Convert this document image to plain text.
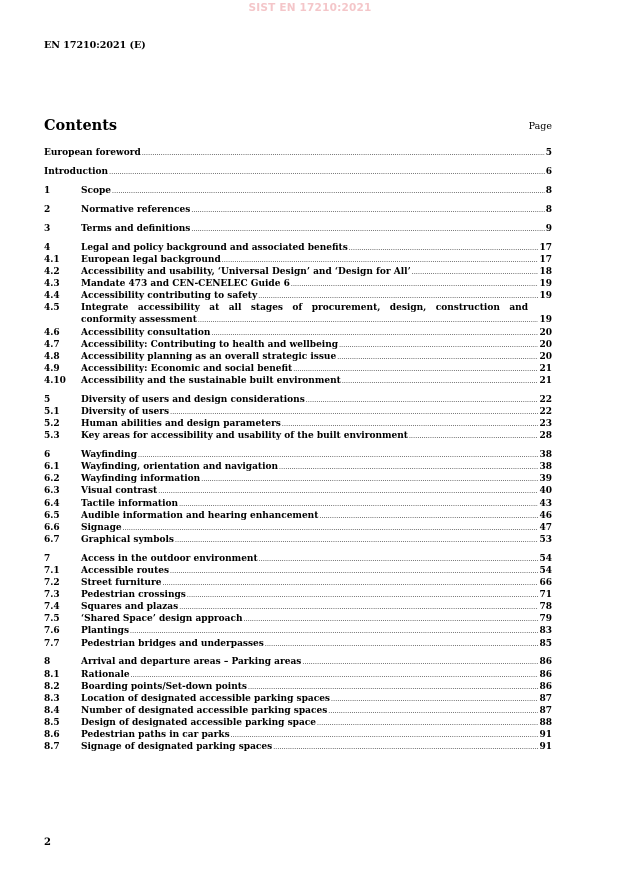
SIST EN 17210:2021
EN 17210:2021 (E)
Contents	Page
European foreword .....	5
Introduction .....	6
1	Scope .....	8
2	Normative references .....	8
3	Terms and definitions .....	9
4	Legal and policy background and associated benefits .....	17
4.1 European legal background .....	17
4.2 Accessibility and usability, ‘Universal Design’ and ‘Design for All’ .....	18
4.3 Mandate 473 and CEN-CENELEC Guide 6 .....	19
4.4 Accessibility contributing to safety .....	19
4.5 Integrate accessibility at all stages of procurement, design, construction and
conformity assessment .....	19
4.6 Accessibility consultation .....	20
4.7 Accessibility: Contributing to health and wellbeing .....	20
4.8 Accessibility planning as an overall strategic issue .....	20
4.9 Accessibility: Economic and social benefit .....	21
4.10 Accessibility and the sustainable built environment .....	21
5	Diversity of users and design considerations .....	22
5.1 Diversity of users .....	22
5.2 Human abilities and design parameters .....	23
5.3 Key areas for accessibility and usability of the built environment .....	28
6	Wayfinding .....	38
6.1 Wayfinding, orientation and navigation .....	38
6.2 Wayfinding information .....	39
6.3 Visual contrast .....	40
6.4 Tactile information .....	43
6.5 Audible information and hearing enhancement .....	46
6.6 Signage .....	47
6.7 Graphical symbols .....	53
7	Access in the outdoor environment .....	54
7.1 Accessible routes .....	54
7.2 Street furniture .....	66
7.3 Pedestrian crossings .....	71
7.4 Squares and plazas .....	78
7.5 ‘Shared Space’ design approach .....	79
7.6 Plantings .....	83
7.7 Pedestrian bridges and underpasses .....	85
8	Arrival and departure areas – Parking areas .....	86
8.1 Rationale .....	86
8.2 Boarding points/Set-down points .....	86
8.3 Location of designated accessible parking spaces .....	87
8.4 Number of designated accessible parking spaces .....	87
8.5 Design of designated accessible parking space .....	88
8.6 Pedestrian paths in car parks .....	91
8.7 Signage of designated parking spaces .....	91
2
